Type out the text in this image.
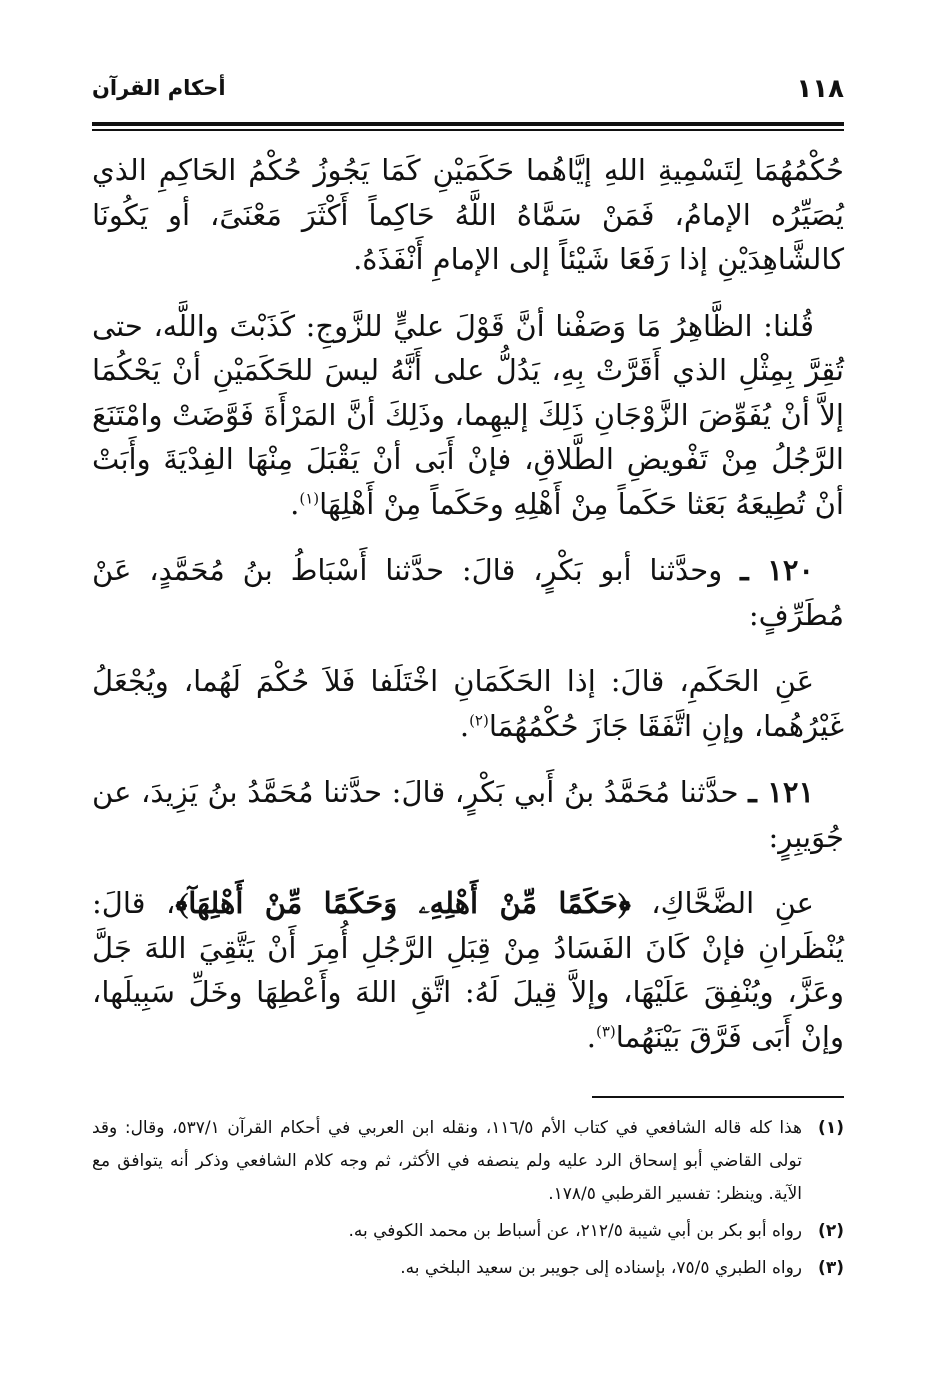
١١٨
أحكام القرآن

حُكْمُهُمَا لِتَسْمِيةِ اللهِ إيَّاهُما حَكَمَيْنِ كَمَا يَجُوزُ حُكْمُ الحَاكِمِ الذي يُصَيِّرُه الإمامُ، فَمَنْ سَمَّاهُ اللَّهُ حَاكِماً أَكْثَرَ مَعْنَىً، أو يَكُونَا كالشَّاهِدَيْنِ إذا رَفَعَا شَيْئاً إلى الإمامِ أَنْفَذَهُ.

قُلنا: الظَّاهِرُ مَا وَصَفْنا أنَّ قَوْلَ عليٍّ للزَّوجِ: كَذَبْتَ واللَّه، حتى تُقِرَّ بِمِثْلِ الذي أَقَرَّتْ بِهِ، يَدُلُّ على أَنَّهُ ليسَ للحَكَمَيْنِ أنْ يَحْكُمَا إلاَّ أنْ يُفَوِّضَ الزَّوْجَانِ ذَلِكَ إليهِما، وذَلِكَ أنَّ المَرْأَةَ فَوَّضَتْ وامْتَنَعَ الرَّجُلُ مِنْ تَفْويضِ الطَّلاقِ، فإنْ أَبَى أنْ يَقْبَلَ مِنْهَا الفِدْيَةَ وأَبَتْ أنْ تُطِيعَهُ بَعَثا حَكَماً مِنْ أَهْلِهِ وحَكَماً مِنْ أَهْلِهَا$^{(١)}$.

١٢٠ ـ وحدَّثنا أبو بَكْرٍ، قالَ: حدَّثنا أَسْبَاطُ بنُ مُحَمَّدٍ، عَنْ مُطَرِّفٍ:

عَنِ الحَكَمِ، قالَ: إذا الحَكَمَانِ اخْتَلَفا فَلاَ حُكْمَ لَهُما، ويُجْعَلُ غَيْرُهُما، وإنِ اتَّفَقَا جَازَ حُكْمُهُمَا$^{(٢)}$.

١٢١ ـ حدَّثنا مُحَمَّدُ بنُ أَبي بَكْرٍ، قالَ: حدَّثنا مُحَمَّدُ بنُ يَزِيدَ، عن جُوَيبِرٍ:

عنِ الضَّحَّاكِ، ﴿حَكَمًا مِّنْ أَهْلِهِۦ وَحَكَمًا مِّنْ أَهْلِهَآ﴾، قالَ: يُنْظَرانِ فإنْ كَانَ الفَسَادُ مِنْ قِبَلِ الرَّجُلِ أُمِرَ أَنْ يَتَّقِيَ اللهَ جَلَّ وعَزَّ، ويُنْفِقَ عَلَيْهَا، وإلاَّ قِيلَ لَهُ: اتَّقِ اللهَ وأَعْطِهَا وخَلِّ سَبِيلَها، وإنْ أَبَى فَرَّقَ بَيْنَهُما$^{(٣)}$.

(١)
هذا كله قاله الشافعي في كتاب الأم ١١٦/٥، ونقله ابن العربي في أحكام القرآن ٥٣٧/١، وقال: وقد تولى القاضي أبو إسحاق الرد عليه ولم ينصفه في الأكثر، ثم وجه كلام الشافعي وذكر أنه يتوافق مع الآية. وينظر: تفسير القرطبي ١٧٨/٥.
(٢)
رواه أبو بكر بن أبي شيبة ٢١٢/٥، عن أسباط بن محمد الكوفي به.
(٣)
رواه الطبري ٧٥/٥، بإسناده إلى جويبر بن سعيد البلخي به.
